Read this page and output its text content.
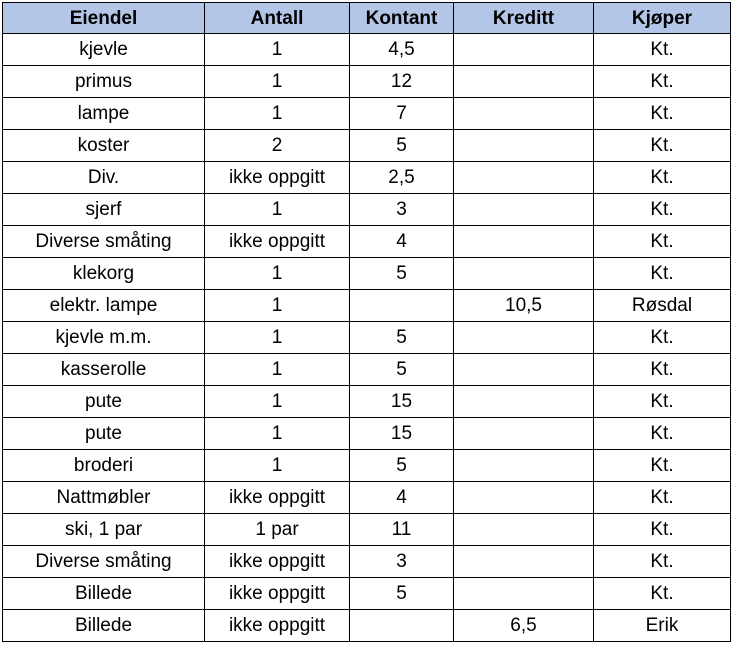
Eiendel	Antall	Kontant	Kreditt	Kjøper
kjevle	1	4,5		Kt.
primus	1	12		Kt.
lampe	1	7		Kt.
koster	2	5		Kt.
Div.	ikke oppgitt	2,5		Kt.
sjerf	1	3		Kt.
Diverse småting	ikke oppgitt	4		Kt.
klekorg	1	5		Kt.
elektr. lampe	1		10,5	Røsdal
kjevle m.m.	1	5		Kt.
kasserolle	1	5		Kt.
pute	1	15		Kt.
pute	1	15		Kt.
broderi	1	5		Kt.
Nattmøbler	ikke oppgitt	4		Kt.
ski, 1 par	1 par	11		Kt.
Diverse småting	ikke oppgitt	3		Kt.
Billede	ikke oppgitt	5		Kt.
Billede	ikke oppgitt		6,5	Erik
